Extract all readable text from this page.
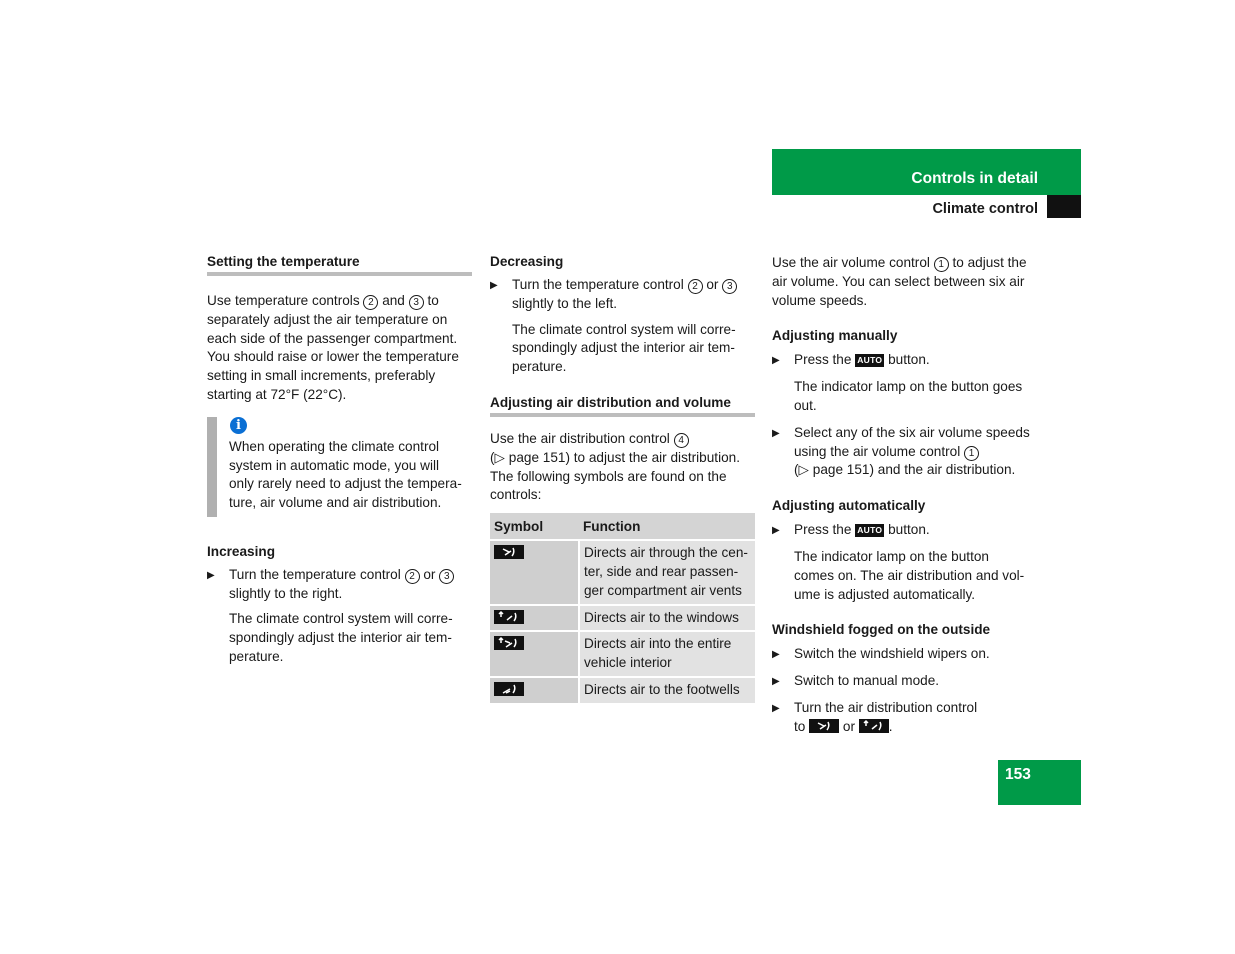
Controls in detail
Climate control
Setting the temperature
Use temperature controls 2 and 3 to
separately adjust the air temperature on
each side of the passenger compartment.
You should raise or lower the temperature
setting in small increments, preferably
starting at 72°F (22°C).
i
When operating the climate control
system in automatic mode, you will
only rarely need to adjust the tempera-
ture, air volume and air distribution.
Increasing
▶ Turn the temperature control 2 or 3
slightly to the right.
The climate control system will corre-
spondingly adjust the interior air tem-
perature.
Decreasing
▶ Turn the temperature control 2 or 3
slightly to the left.
The climate control system will corre-
spondingly adjust the interior air tem-
perature.
Adjusting air distribution and volume
Use the air distribution control 4
(▷ page 151) to adjust the air distribution.
The following symbols are found on the
controls:
Symbol	Function

	Directs air through the cen-
ter, side and rear passen-
ger compartment air vents

	Directs air to the windows

	Directs air into the entire
vehicle interior

	Directs air to the footwells
Use the air volume control 1 to adjust the
air volume. You can select between six air
volume speeds.
Adjusting manually
▶ Press the AUTO button.
The indicator lamp on the button goes
out.
▶ Select any of the six air volume speeds
using the air volume control 1
(▷ page 151) and the air distribution.
Adjusting automatically
▶ Press the AUTO button.
The indicator lamp on the button
comes on. The air distribution and vol-
ume is adjusted automatically.
Windshield fogged on the outside
▶ Switch the windshield wipers on.
▶ Switch to manual mode.
▶ Turn the air distribution control
to	or .
153
